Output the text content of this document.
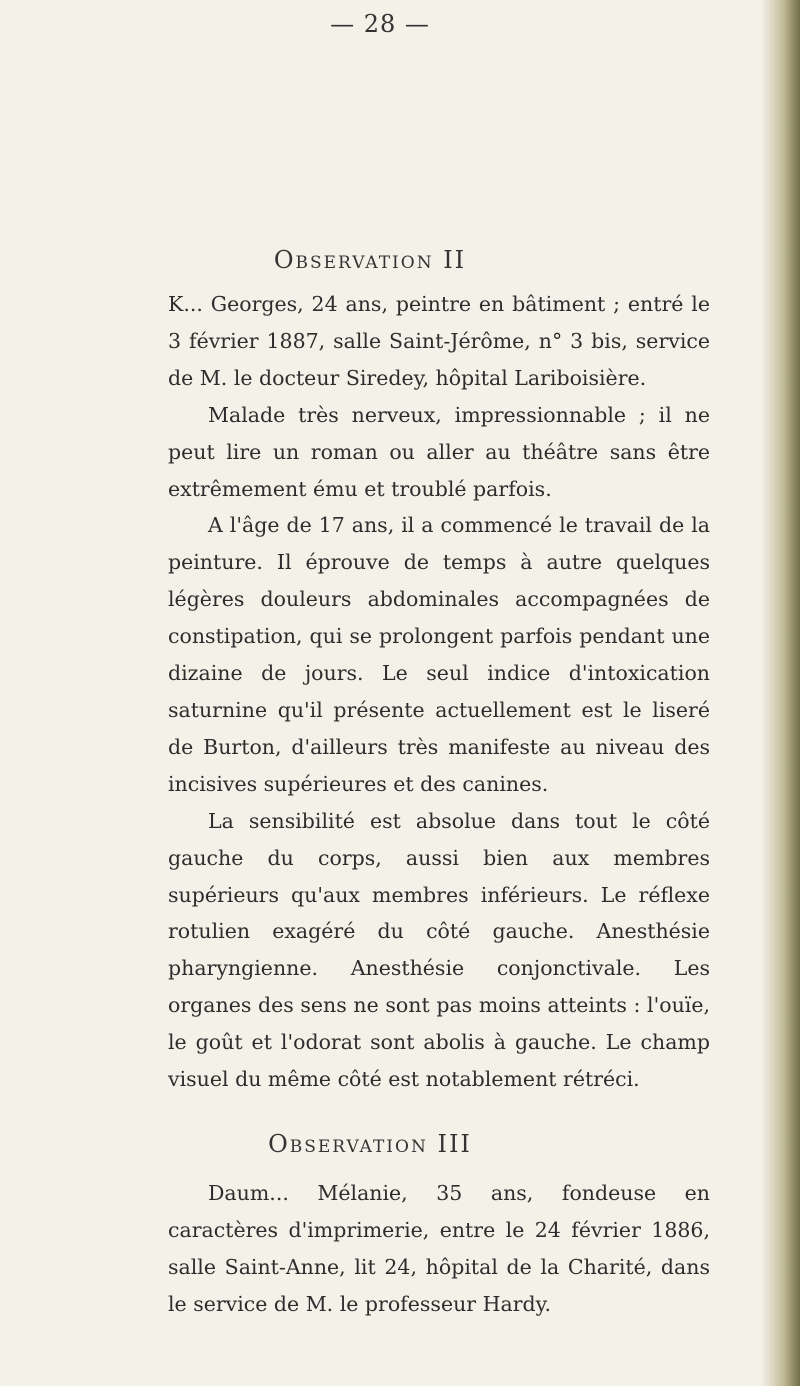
— 28 —
Observation II

K... Georges, 24 ans, peintre en bâtiment ; entré le 3 février 1887, salle Saint-Jérôme, n° 3 bis, service de M. le docteur Siredey, hôpital Lariboisière.

Malade très nerveux, impressionnable ; il ne peut lire un roman ou aller au théâtre sans être extrêmement ému et troublé parfois.

A l'âge de 17 ans, il a commencé le travail de la peinture. Il éprouve de temps à autre quelques légères douleurs abdominales accompagnées de constipation, qui se prolongent parfois pendant une dizaine de jours. Le seul indice d'intoxication saturnine qu'il présente actuellement est le liseré de Burton, d'ailleurs très manifeste au niveau des incisives supérieures et des canines.

La sensibilité est absolue dans tout le côté gauche du corps, aussi bien aux membres supérieurs qu'aux membres inférieurs. Le réflexe rotulien exagéré du côté gauche. Anesthésie pharyngienne. Anesthésie conjonctivale. Les organes des sens ne sont pas moins atteints : l'ouïe, le goût et l'odorat sont abolis à gauche. Le champ visuel du même côté est notablement rétréci.

Observation III

Daum... Mélanie, 35 ans, fondeuse en caractères d'imprimerie, entre le 24 février 1886, salle Saint-Anne, lit 24, hôpital de la Charité, dans le service de M. le professeur Hardy.
